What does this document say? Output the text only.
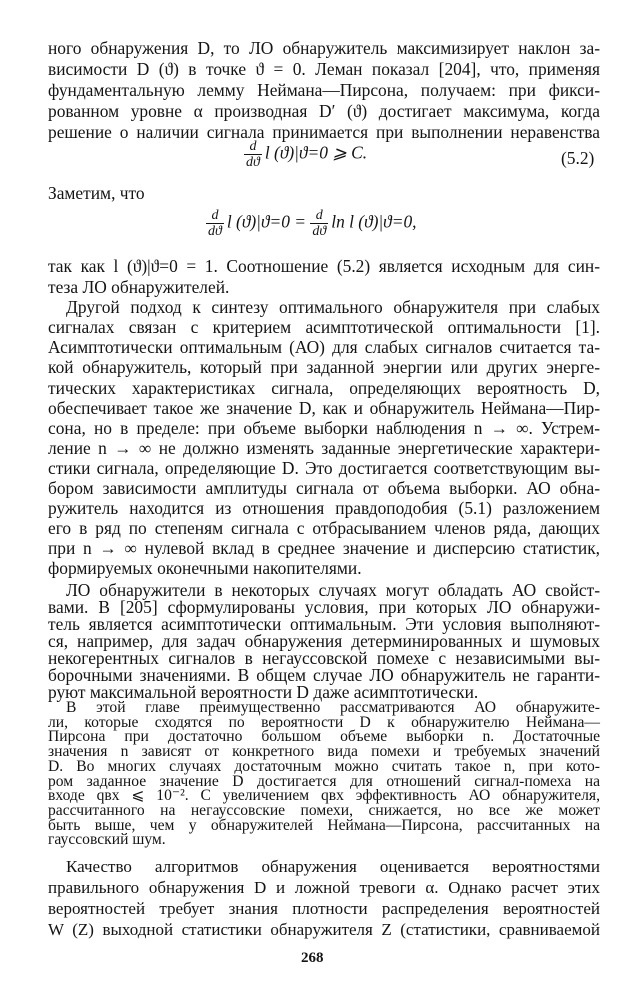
ного обнаружения D, то ЛО обнаружитель максимизирует наклон за-
висимости D (ϑ) в точке ϑ = 0. Леман показал [204], что, применяя
фундаментальную лемму Неймана—Пирсона, получаем: при фикси-
рованном уровне α производная D′ (ϑ) достигает максимума, когда
решение о наличии сигнала принимается при выполнении неравенства
$\frac{d}{dϑ}$ l (ϑ)|ϑ=0 ⩾ C.	(5.2)
Заметим, что
$\frac{d}{dϑ}$ l $(ϑ)|ϑ=0 = \frac{d}{dϑ}$ ln l (ϑ)|ϑ=0,
так как l (ϑ)|ϑ=0 = 1. Соотношение (5.2) является исходным для син-
теза ЛО обнаружителей.
Другой подход к синтезу оптимального обнаружителя при слабых
сигналах связан с критерием асимптотической оптимальности [1].
Асимптотически оптимальным (АО) для слабых сигналов считается та-
кой обнаружитель, который при заданной энергии или других энерге-
тических характеристиках сигнала, определяющих вероятность D,
обеспечивает такое же значение D, как и обнаружитель Неймана—Пир-
сона, но в пределе: при объеме выборки наблюдения n → ∞. Устрем-
ление n → ∞ не должно изменять заданные энергетические характери-
стики сигнала, определяющие D. Это достигается соответствующим вы-
бором зависимости амплитуды сигнала от объема выборки. АО обна-
ружитель находится из отношения правдоподобия (5.1) разложением
его в ряд по степеням сигнала с отбрасыванием членов ряда, дающих
при n → ∞ нулевой вклад в среднее значение и дисперсию статистик,
формируемых оконечными накопителями.
ЛО обнаружители в некоторых случаях могут обладать АО свойст-
вами. В [205] сформулированы условия, при которых ЛО обнаружи-
тель является асимптотически оптимальным. Эти условия выполняют-
ся, например, для задач обнаружения детерминированных и шумовых
некогерентных сигналов в негауссовской помехе с независимыми вы-
борочными значениями. В общем случае ЛО обнаружитель не гаранти-
руют максимальной вероятности D даже асимптотически.
В этой главе преимущественно рассматриваются АО обнаружите-
ли, которые сходятся по вероятности D к обнаружителю Неймана—
Пирсона при достаточно большом объеме выборки n. Достаточные
значения n зависят от конкретного вида помехи и требуемых значений
D. Во многих случаях достаточным можно считать такое n, при кото-
ром заданное значение D достигается для отношений сигнал-помеха на
входе qвх ⩽ 10⁻². С увеличением qвх эффективность АО обнаружителя,
рассчитанного на негауссовские помехи, снижается, но все же может
быть выше, чем у обнаружителей Неймана—Пирсона, рассчитанных на
гауссовский шум.
268
Качество алгоритмов обнаружения оценивается вероятностями
правильного обнаружения D и ложной тревоги α. Однако расчет этих
вероятностей требует знания плотности распределения вероятностей
W (Z) выходной статистики обнаружителя Z (статистики, сравниваемой
